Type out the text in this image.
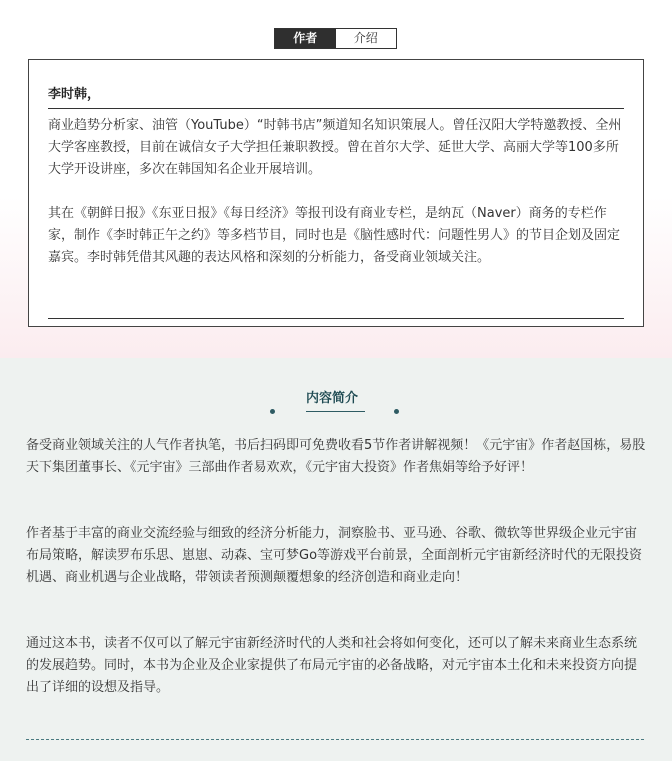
作者	介绍
李时韩，
商业趋势分析家、油管（YouTube）“时韩书店”频道知名知识策展人。曾任汉阳大学特邀教授、全州大学客座教授，目前在诚信女子大学担任兼职教授。曾在首尔大学、延世大学、高丽大学等100多所大学开设讲座，多次在韩国知名企业开展培训。
其在《朝鲜日报》《东亚日报》《每日经济》等报刊设有商业专栏，是纳瓦（Naver）商务的专栏作家，制作《李时韩正午之约》等多档节目，同时也是《脑性感时代：问题性男人》的节目企划及固定嘉宾。李时韩凭借其风趣的表达风格和深刻的分析能力，备受商业领域关注。
内容简介
备受商业领域关注的人气作者执笔，书后扫码即可免费收看5节作者讲解视频！《元宇宙》作者赵国栋，易股天下集团董事长、《元宇宙》三部曲作者易欢欢，《元宇宙大投资》作者焦娟等给予好评！
作者基于丰富的商业交流经验与细致的经济分析能力，洞察脸书、亚马逊、谷歌、微软等世界级企业元宇宙布局策略，解读罗布乐思、崽崽、动森、宝可梦Go等游戏平台前景，全面剖析元宇宙新经济时代的无限投资机遇、商业机遇与企业战略，带领读者预测颠覆想象的经济创造和商业走向！
通过这本书，读者不仅可以了解元宇宙新经济时代的人类和社会将如何变化，还可以了解未来商业生态系统的发展趋势。同时，本书为企业及企业家提供了布局元宇宙的必备战略，对元宇宙本土化和未来投资方向提出了详细的设想及指导。
